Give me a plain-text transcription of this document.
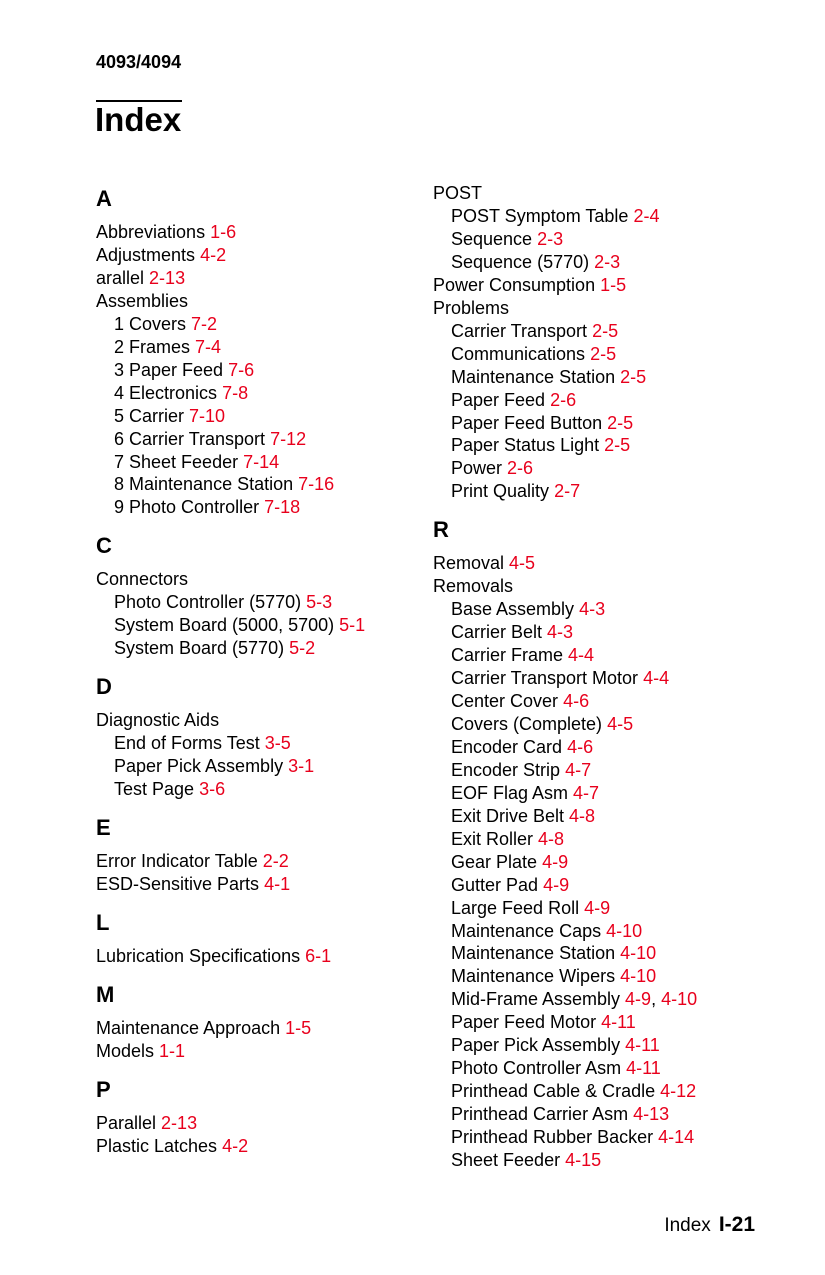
4093/4094
Index
A
Abbreviations 1-6
Adjustments 4-2
arallel 2-13
Assemblies
1 Covers 7-2
2 Frames 7-4
3 Paper Feed 7-6
4 Electronics 7-8
5 Carrier 7-10
6 Carrier Transport 7-12
7 Sheet Feeder 7-14
8 Maintenance Station 7-16
9 Photo Controller 7-18
C
Connectors
Photo Controller (5770) 5-3
System Board (5000, 5700) 5-1
System Board (5770) 5-2
D
Diagnostic Aids
End of Forms Test 3-5
Paper Pick Assembly 3-1
Test Page 3-6
E
Error Indicator Table 2-2
ESD-Sensitive Parts 4-1
L
Lubrication Specifications 6-1
M
Maintenance Approach 1-5
Models 1-1
P
Parallel 2-13
Plastic Latches 4-2
POST
POST Symptom Table 2-4
Sequence 2-3
Sequence (5770) 2-3
Power Consumption 1-5
Problems
Carrier Transport 2-5
Communications 2-5
Maintenance Station 2-5
Paper Feed 2-6
Paper Feed Button 2-5
Paper Status Light 2-5
Power 2-6
Print Quality 2-7
R
Removal 4-5
Removals
Base Assembly 4-3
Carrier Belt 4-3
Carrier Frame 4-4
Carrier Transport Motor 4-4
Center Cover 4-6
Covers (Complete) 4-5
Encoder Card 4-6
Encoder Strip 4-7
EOF Flag Asm 4-7
Exit Drive Belt 4-8
Exit Roller 4-8
Gear Plate 4-9
Gutter Pad 4-9
Large Feed Roll 4-9
Maintenance Caps 4-10
Maintenance Station 4-10
Maintenance Wipers 4-10
Mid-Frame Assembly 4-9, 4-10
Paper Feed Motor 4-11
Paper Pick Assembly 4-11
Photo Controller Asm 4-11
Printhead Cable & Cradle 4-12
Printhead Carrier Asm 4-13
Printhead Rubber Backer 4-14
Sheet Feeder 4-15
Index I-21
